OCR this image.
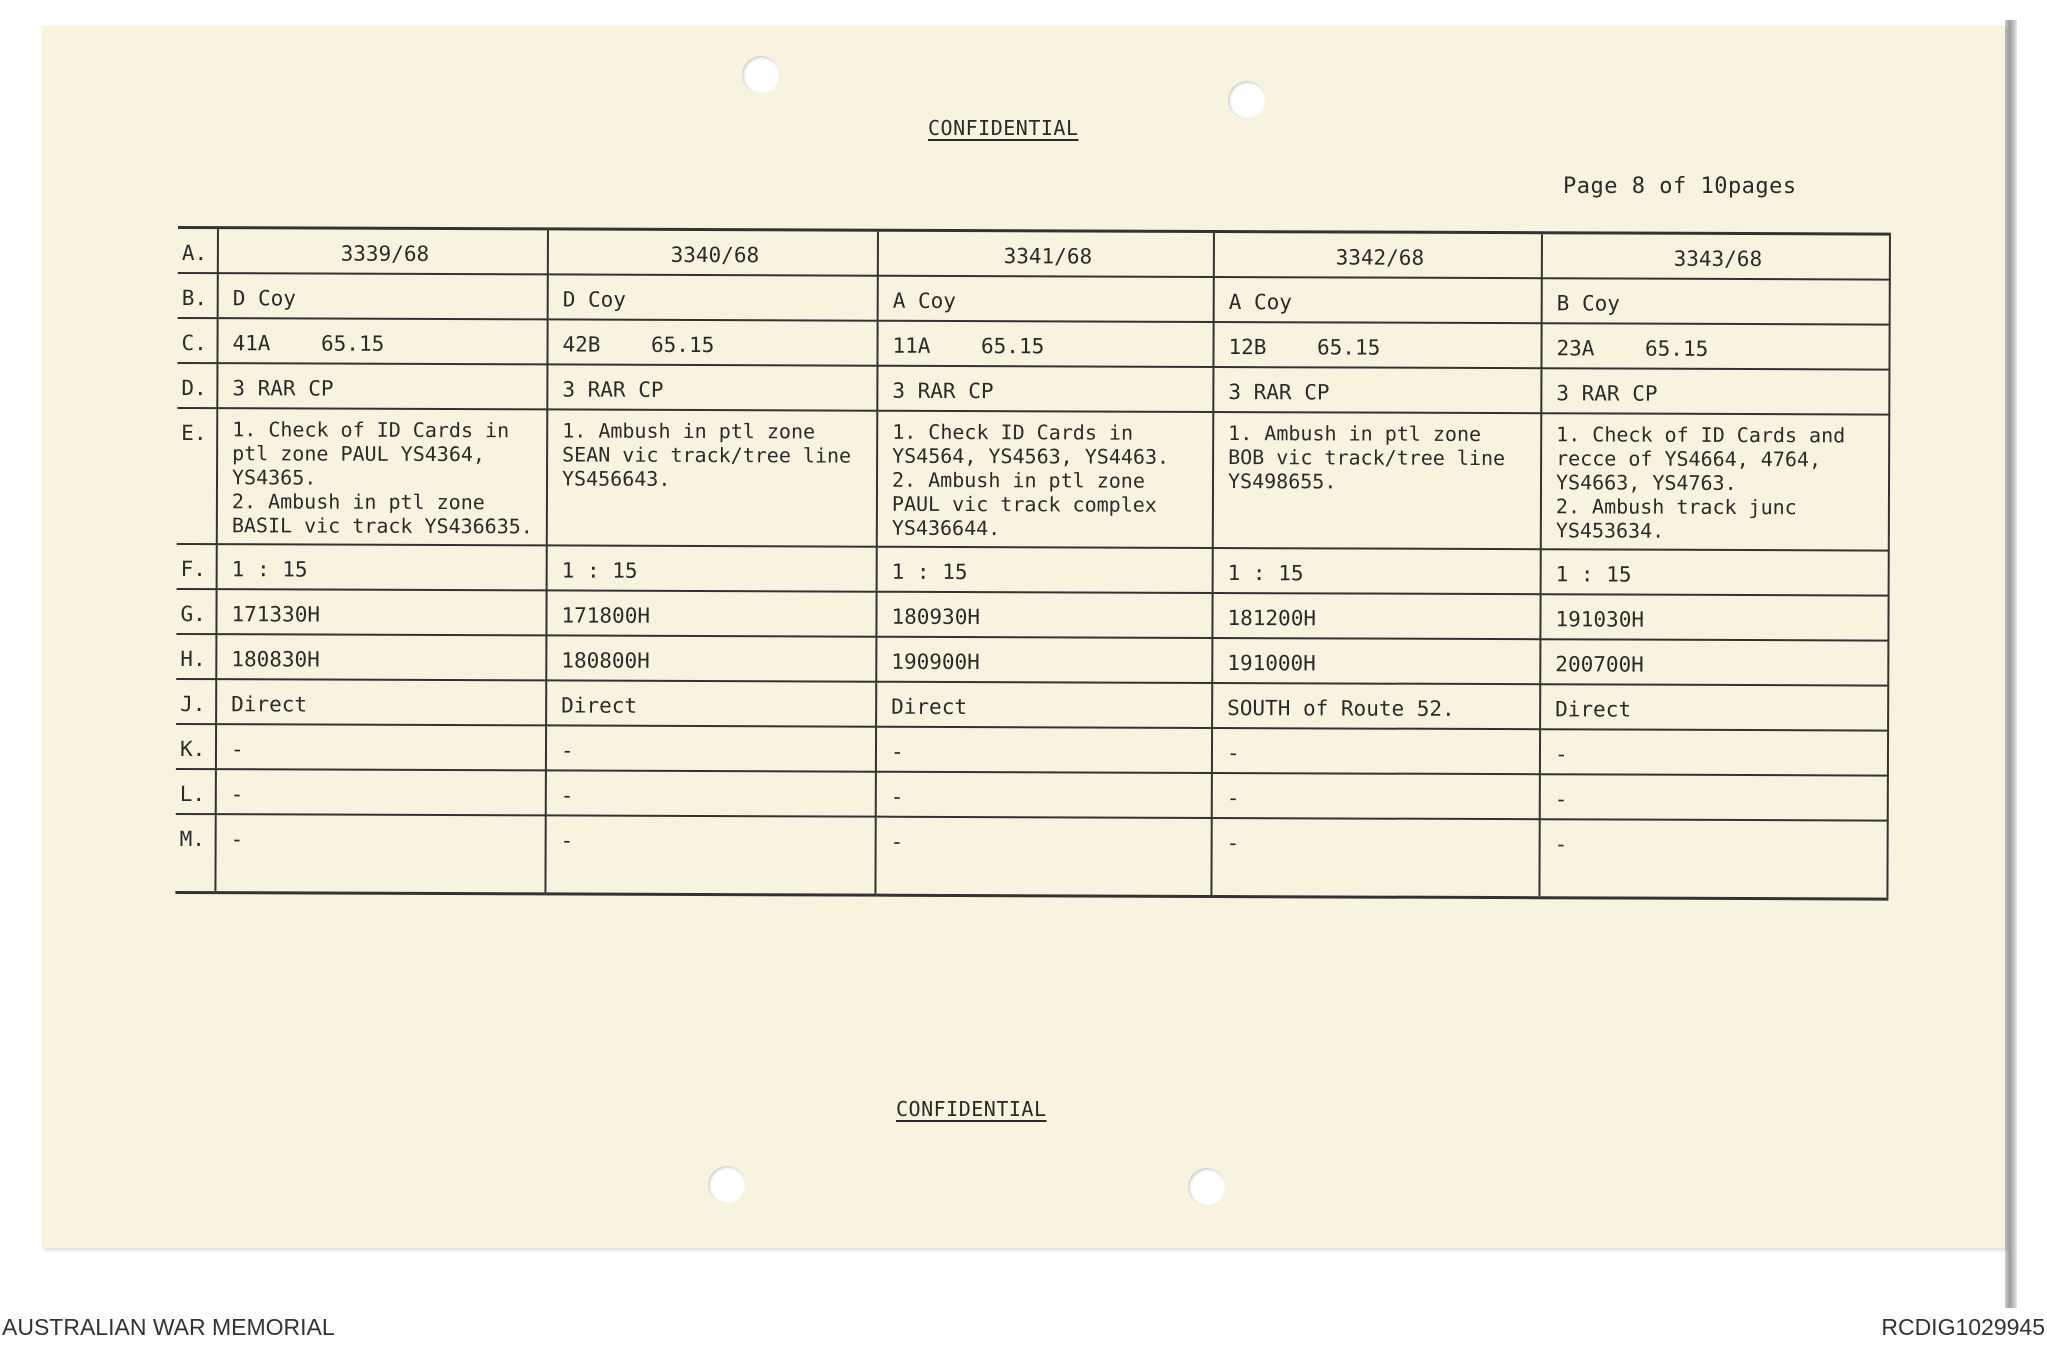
CONFIDENTIAL
Page 8 of 10pages
A.	3339/68	3340/68	3341/68	3342/68	3343/68
B.	D Coy	D Coy	A Coy	A Coy	B Coy
C.	41A    65.15	42B    65.15	11A    65.15	12B    65.15	23A    65.15
D.	3 RAR CP	3 RAR CP	3 RAR CP	3 RAR CP	3 RAR CP
E.	1. Check of ID Cards in
ptl zone PAUL YS4364,
YS4365.
2. Ambush in ptl zone
BASIL vic track YS436635.	1. Ambush in ptl zone
SEAN vic track/tree line
YS456643.	1. Check ID Cards in
YS4564, YS4563, YS4463.
2. Ambush in ptl zone
PAUL vic track complex
YS436644.	1. Ambush in ptl zone
BOB vic track/tree line
YS498655.	1. Check of ID Cards and
recce of YS4664, 4764,
YS4663, YS4763.
2. Ambush track junc
YS453634.
F.	1 : 15	1 : 15	1 : 15	1 : 15	1 : 15
G.	171330H	171800H	180930H	181200H	191030H
H.	180830H	180800H	190900H	191000H	200700H
J.	Direct	Direct	Direct	SOUTH of Route 52.	Direct
K.	-	-	-	-	-
L.	-	-	-	-	-
M.	-	-	-	-	-
CONFIDENTIAL
AUSTRALIAN WAR MEMORIAL	RCDIG1029945
